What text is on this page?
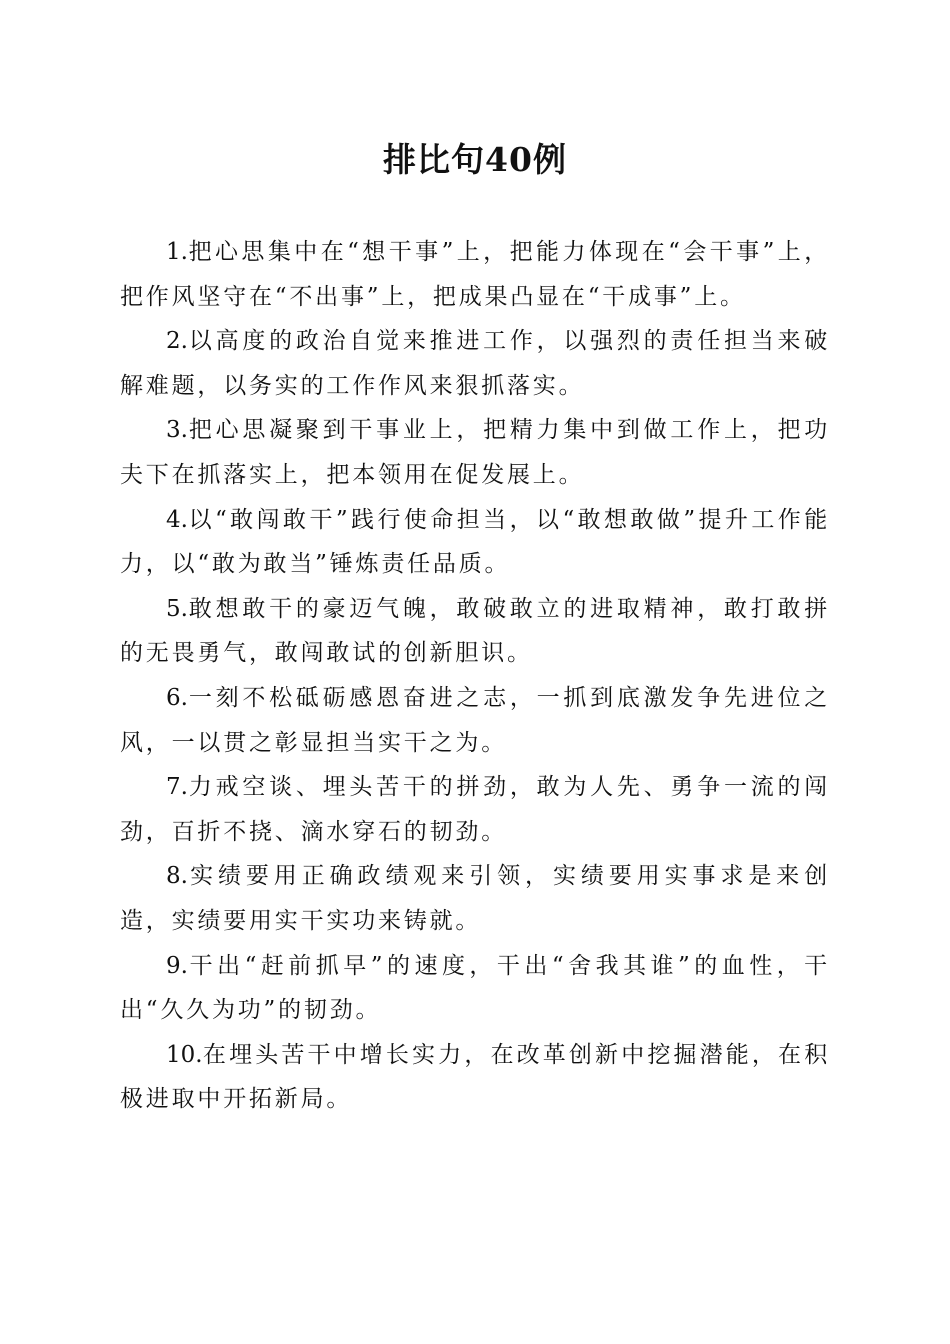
排比句40例

1.把心思集中在“想干事”上，把能力体现在“会干事”上，把作风坚守在“不出事”上，把成果凸显在“干成事”上。

2.以高度的政治自觉来推进工作，以强烈的责任担当来破解难题，以务实的工作作风来狠抓落实。

3.把心思凝聚到干事业上，把精力集中到做工作上，把功夫下在抓落实上，把本领用在促发展上。

4.以“敢闯敢干”践行使命担当，以“敢想敢做”提升工作能力，以“敢为敢当”锤炼责任品质。

5.敢想敢干的豪迈气魄，敢破敢立的进取精神，敢打敢拼的无畏勇气，敢闯敢试的创新胆识。

6.一刻不松砥砺感恩奋进之志，一抓到底激发争先进位之风，一以贯之彰显担当实干之为。

7.力戒空谈、埋头苦干的拼劲，敢为人先、勇争一流的闯劲，百折不挠、滴水穿石的韧劲。

8.实绩要用正确政绩观来引领，实绩要用实事求是来创造，实绩要用实干实功来铸就。

9.干出“赶前抓早”的速度，干出“舍我其谁”的血性，干出“久久为功”的韧劲。

10.在埋头苦干中增长实力，在改革创新中挖掘潜能，在积极进取中开拓新局。
